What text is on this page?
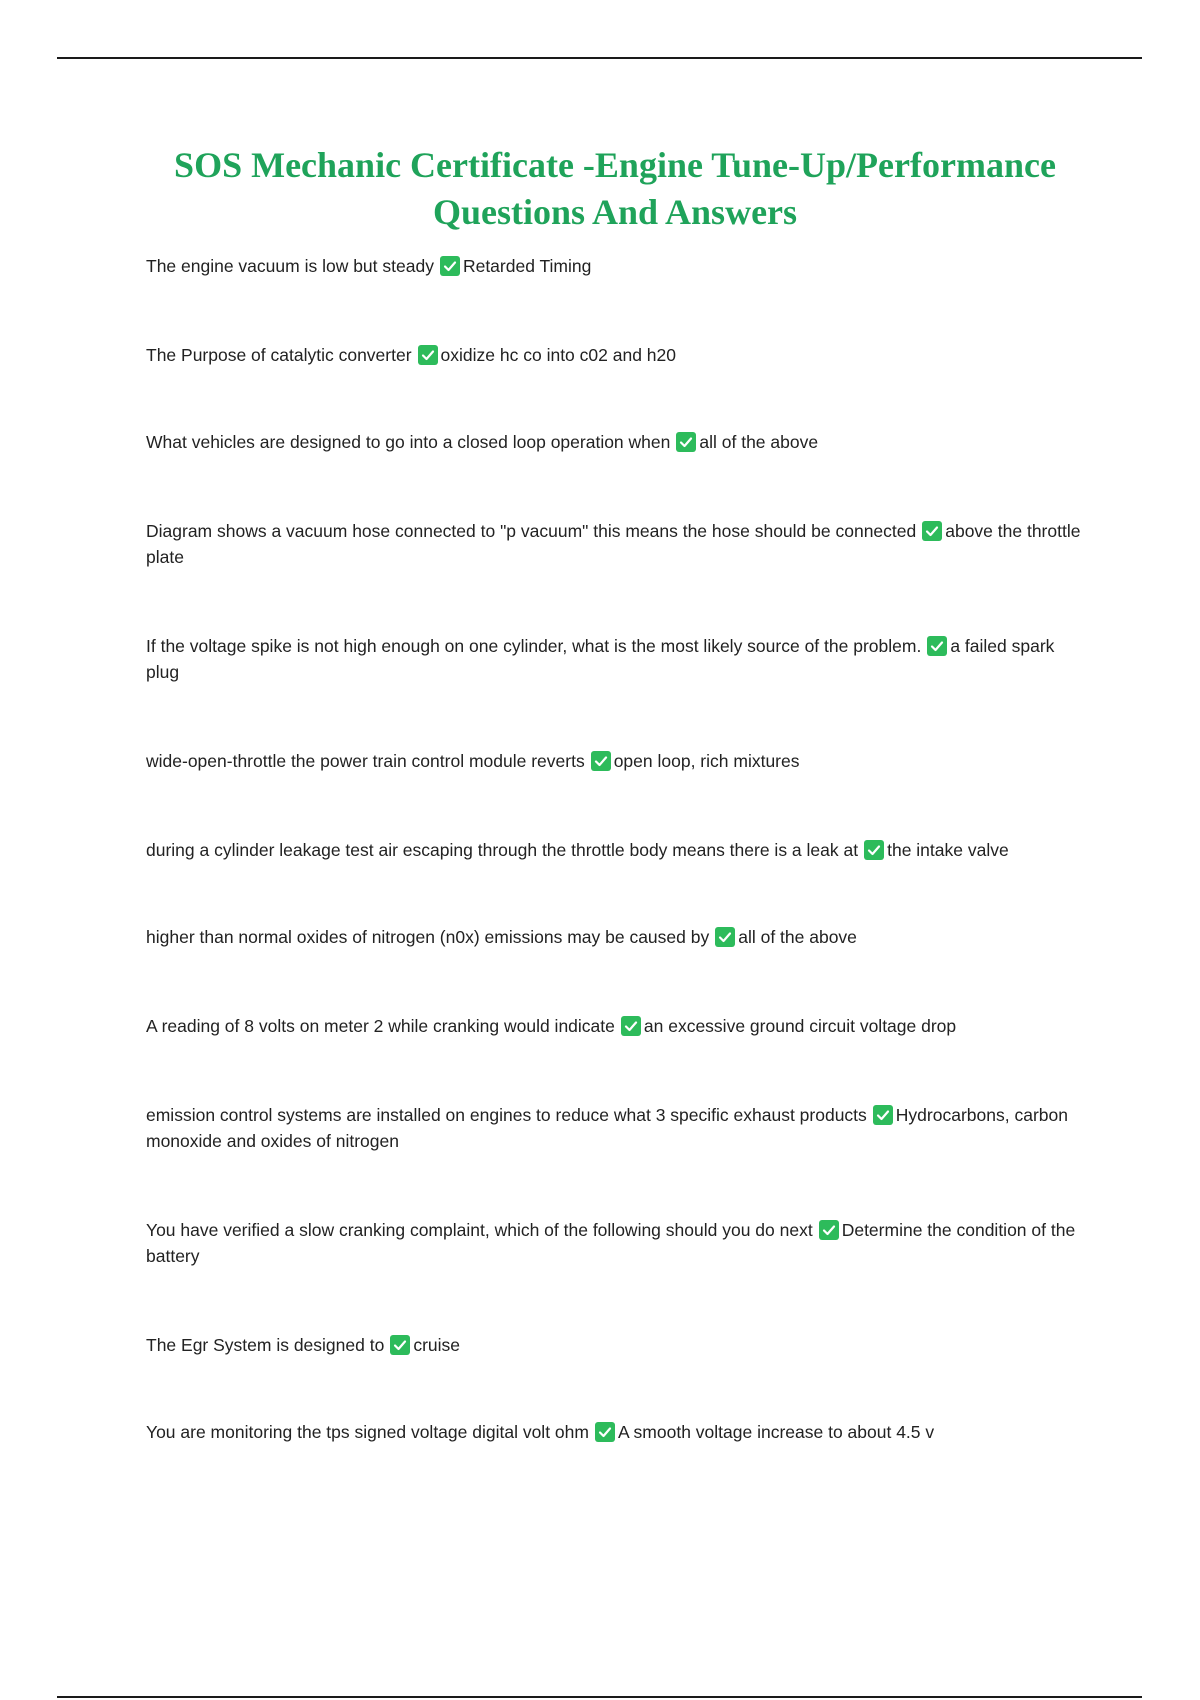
SOS Mechanic Certificate -Engine Tune-Up/Performance
Questions And Answers

The engine vacuum is low but steady Retarded Timing

The Purpose of catalytic converter oxidize hc co into c02 and h20

What vehicles are designed to go into a closed loop operation when all of the above

Diagram shows a vacuum hose connected to "p vacuum" this means the hose should be connected above the throttle plate

If the voltage spike is not high enough on one cylinder, what is the most likely source of the problem. a failed spark plug

wide-open-throttle the power train control module reverts open loop, rich mixtures

during a cylinder leakage test air escaping through the throttle body means there is a leak at the intake valve

higher than normal oxides of nitrogen (n0x) emissions may be caused by all of the above

A reading of 8 volts on meter 2 while cranking would indicate an excessive ground circuit voltage drop

emission control systems are installed on engines to reduce what 3 specific exhaust products Hydrocarbons, carbon monoxide and oxides of nitrogen

You have verified a slow cranking complaint, which of the following should you do next Determine the condition of the battery

The Egr System is designed to cruise

You are monitoring the tps signed voltage digital volt ohm A smooth voltage increase to about 4.5 v
